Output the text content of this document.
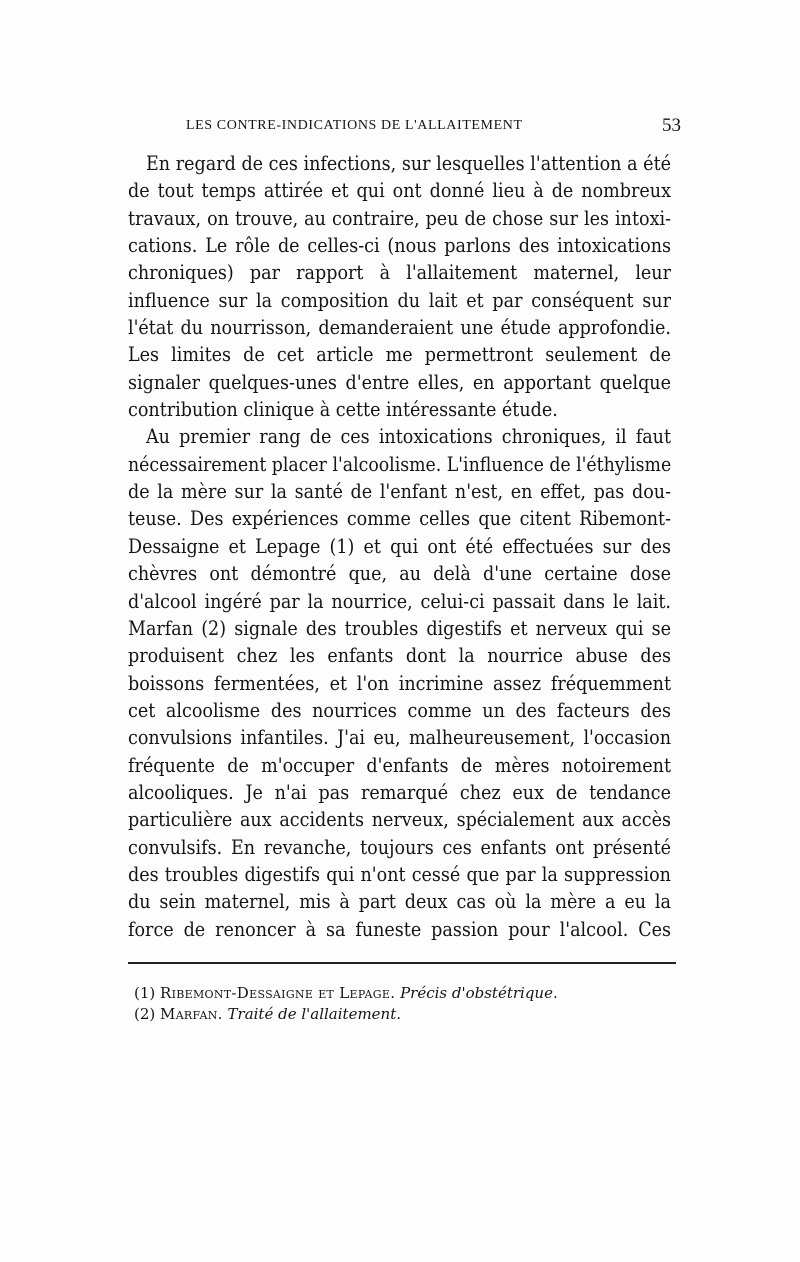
LES CONTRE-INDICATIONS DE L'ALLAITEMENT	53
En regard de ces infections, sur lesquelles l'attention a été
de tout temps attirée et qui ont donné lieu à de nombreux
travaux, on trouve, au contraire, peu de chose sur les intoxi-
cations. Le rôle de celles-ci (nous parlons des intoxications
chroniques) par rapport à l'allaitement maternel, leur
influence sur la composition du lait et par conséquent sur
l'état du nourrisson, demanderaient une étude approfondie.
Les limites de cet article me permettront seulement de
signaler quelques-unes d'entre elles, en apportant quelque
contribution clinique à cette intéressante étude.
Au premier rang de ces intoxications chroniques, il faut
nécessairement placer l'alcoolisme. L'influence de l'éthylisme
de la mère sur la santé de l'enfant n'est, en effet, pas dou-
teuse. Des expériences comme celles que citent Ribemont-
Dessaigne et Lepage (1) et qui ont été effectuées sur des
chèvres ont démontré que, au delà d'une certaine dose
d'alcool ingéré par la nourrice, celui-ci passait dans le lait.
Marfan (2) signale des troubles digestifs et nerveux qui se
produisent chez les enfants dont la nourrice abuse des
boissons fermentées, et l'on incrimine assez fréquemment
cet alcoolisme des nourrices comme un des facteurs des
convulsions infantiles. J'ai eu, malheureusement, l'occasion
fréquente de m'occuper d'enfants de mères notoirement
alcooliques. Je n'ai pas remarqué chez eux de tendance
particulière aux accidents nerveux, spécialement aux accès
convulsifs. En revanche, toujours ces enfants ont présenté
des troubles digestifs qui n'ont cessé que par la suppression
du sein maternel, mis à part deux cas où la mère a eu la
force de renoncer à sa funeste passion pour l'alcool. Ces
(1) Ribemont-Dessaigne et Lepage. Précis d'obstétrique.
(2) Marfan. Traité de l'allaitement.
